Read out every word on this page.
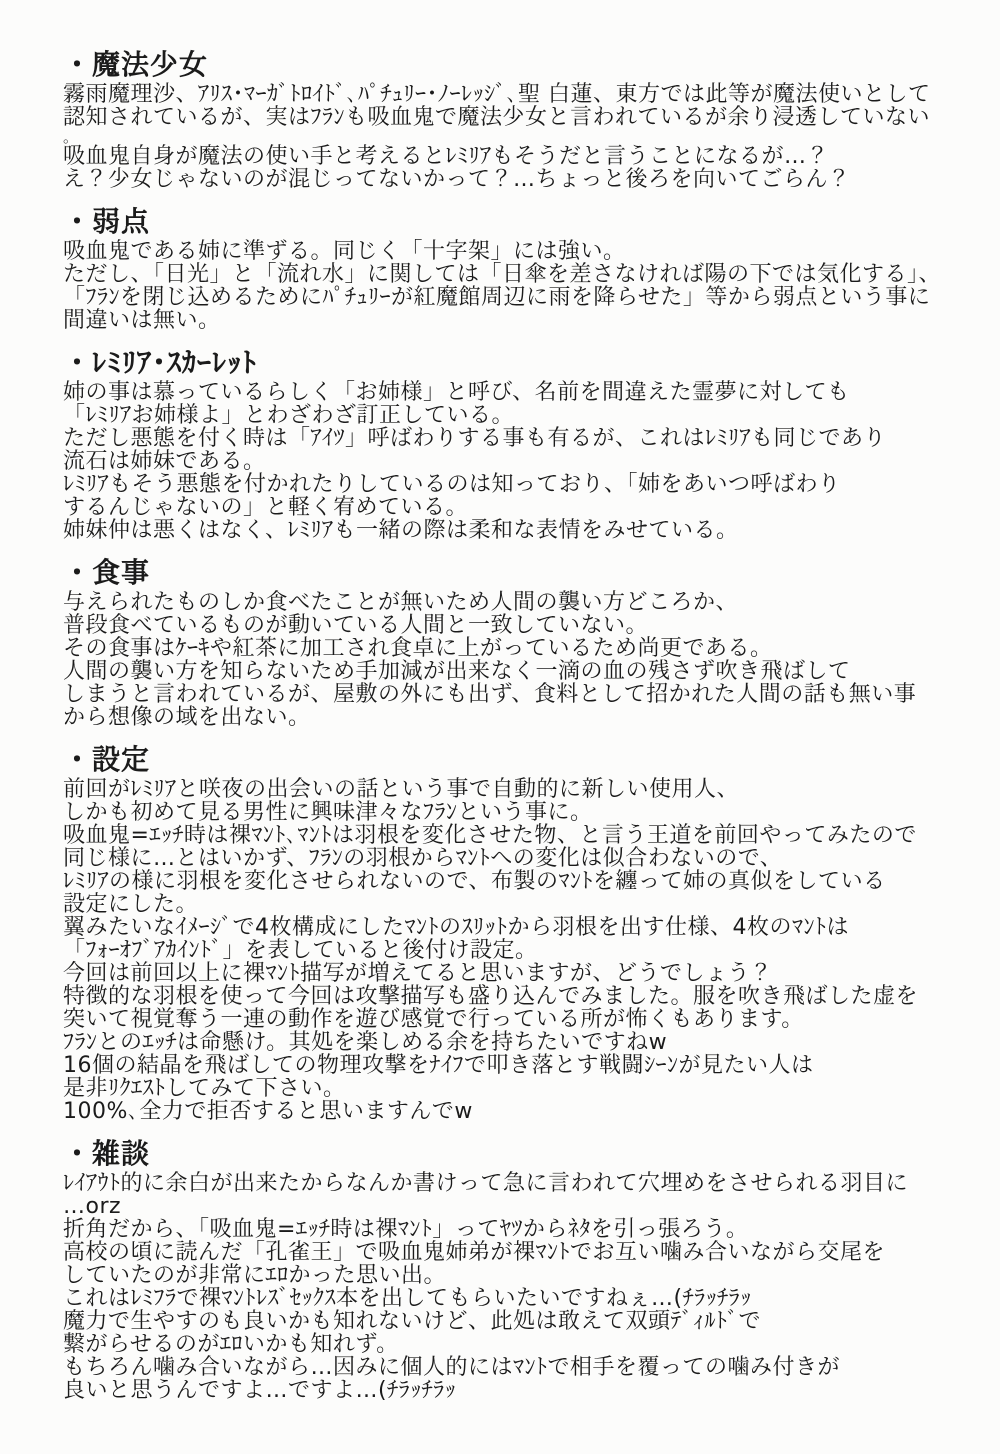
・魔法少女
霧雨魔理沙、ｱﾘｽ･ﾏｰｶﾞﾄﾛｲﾄﾞ､ﾊﾟﾁｭﾘｰ･ﾉｰﾚｯｼﾞ､聖 白蓮、東方では此等が魔法使いとして
認知されているが、実はﾌﾗﾝも吸血鬼で魔法少女と言われているが余り浸透していない
。
吸血鬼自身が魔法の使い手と考えるとﾚﾐﾘｱもそうだと言うことになるが…？
え？少女じゃないのが混じってないかって？…ちょっと後ろを向いてごらん？
・弱点
吸血鬼である姉に準ずる。同じく「十字架」には強い。
ただし、「日光」と「流れ水」に関しては「日傘を差さなければ陽の下では気化する」、
「ﾌﾗﾝを閉じ込めるためにﾊﾟﾁｭﾘｰが紅魔館周辺に雨を降らせた」等から弱点という事に
間違いは無い。
・ﾚﾐﾘｱ･ｽｶｰﾚｯﾄ
姉の事は慕っているらしく「お姉様」と呼び、名前を間違えた霊夢に対しても
「ﾚﾐﾘｱお姉様よ」とわざわざ訂正している。
ただし悪態を付く時は「ｱｲﾂ」呼ばわりする事も有るが、これはﾚﾐﾘｱも同じであり
流石は姉妹である。
ﾚﾐﾘｱもそう悪態を付かれたりしているのは知っており、「姉をあいつ呼ばわり
するんじゃないの」と軽く宥めている。
姉妹仲は悪くはなく、ﾚﾐﾘｱも一緒の際は柔和な表情をみせている。
・食事
与えられたものしか食べたことが無いため人間の襲い方どころか、
普段食べているものが動いている人間と一致していない。
その食事はｹｰｷや紅茶に加工され食卓に上がっているため尚更である。
人間の襲い方を知らないため手加減が出来なく一滴の血の残さず吹き飛ばして
しまうと言われているが、屋敷の外にも出ず、食料として招かれた人間の話も無い事
から想像の域を出ない。
・設定
前回がﾚﾐﾘｱと咲夜の出会いの話という事で自動的に新しい使用人、
しかも初めて見る男性に興味津々なﾌﾗﾝという事に。
吸血鬼=ｴｯﾁ時は裸ﾏﾝﾄ､ﾏﾝﾄは羽根を変化させた物、と言う王道を前回やってみたので
同じ様に…とはいかず、ﾌﾗﾝの羽根からﾏﾝﾄへの変化は似合わないので、
ﾚﾐﾘｱの様に羽根を変化させられないので、布製のﾏﾝﾄを纏って姉の真似をしている
設定にした。
翼みたいなｲﾒｰｼﾞで4枚構成にしたﾏﾝﾄのｽﾘｯﾄから羽根を出す仕様、4枚のﾏﾝﾄは
「ﾌｫｰｵﾌﾞｱｶｲﾝﾄﾞ」を表していると後付け設定。
今回は前回以上に裸ﾏﾝﾄ描写が増えてると思いますが、どうでしょう？
特徴的な羽根を使って今回は攻撃描写も盛り込んでみました。服を吹き飛ばした虚を
突いて視覚奪う一連の動作を遊び感覚で行っている所が怖くもあります。
ﾌﾗﾝとのｴｯﾁは命懸け。其処を楽しめる余を持ちたいですねw
16個の結晶を飛ばしての物理攻撃をﾅｲﾌで叩き落とす戦闘ｼｰﾝが見たい人は
是非ﾘｸｴｽﾄしてみて下さい。
100%､全力で拒否すると思いますんでw
・雑談
ﾚｲｱｳﾄ的に余白が出来たからなんか書けって急に言われて穴埋めをさせられる羽目に
…orz
折角だから、「吸血鬼=ｴｯﾁ時は裸ﾏﾝﾄ」ってﾔﾂからﾈﾀを引っ張ろう。
高校の頃に読んだ「孔雀王」で吸血鬼姉弟が裸ﾏﾝﾄでお互い噛み合いながら交尾を
していたのが非常にｴﾛかった思い出。
これはﾚﾐﾌﾗで裸ﾏﾝﾄﾚｽﾞｾｯｸｽ本を出してもらいたいですねぇ…(ﾁﾗｯﾁﾗｯ
魔力で生やすのも良いかも知れないけど、此処は敢えて双頭ﾃﾞｨﾙﾄﾞで
繋がらせるのがｴﾛいかも知れず。
もちろん噛み合いながら…因みに個人的にはﾏﾝﾄで相手を覆っての噛み付きが
良いと思うんですよ…ですよ…(ﾁﾗｯﾁﾗｯ
